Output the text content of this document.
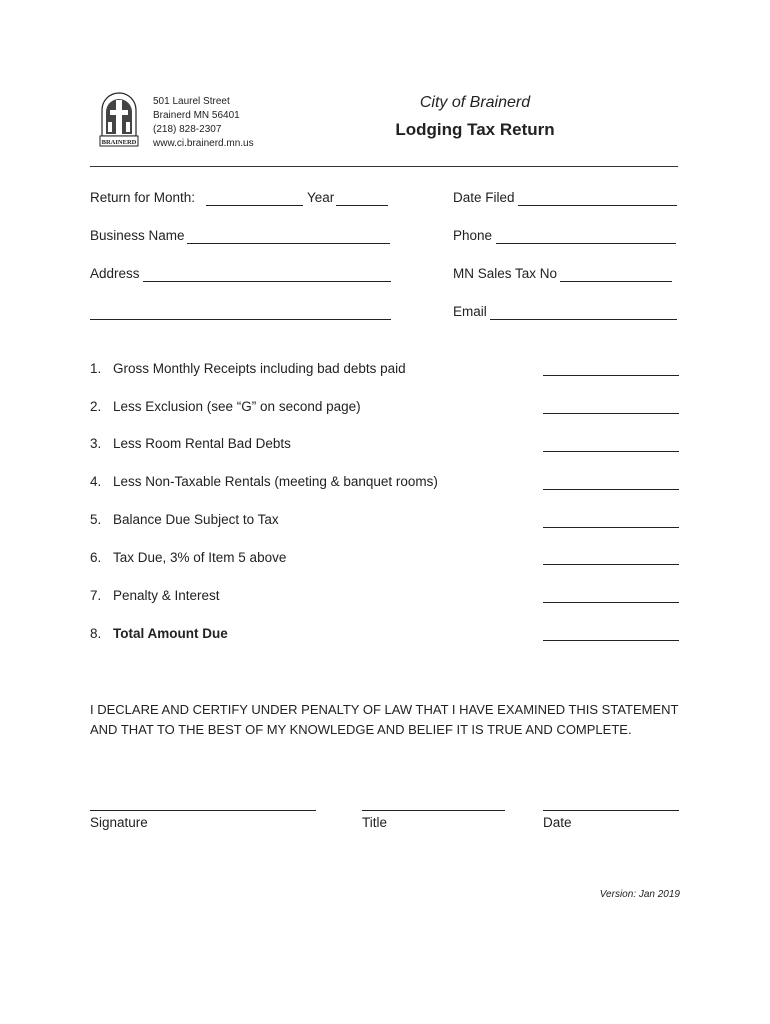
BRAINERD
501 Laurel Street
Brainerd MN 56401
(218) 828-2307
www.ci.brainerd.mn.us
City of Brainerd
Lodging Tax Return
Return for Month:	Year	Date Filed
Business Name	Phone
Address	MN Sales Tax No
Email
1. Gross Monthly Receipts including bad debts paid
2. Less Exclusion (see “G” on second page)
3. Less Room Rental Bad Debts
4. Less Non-Taxable Rentals (meeting & banquet rooms)
5. Balance Due Subject to Tax
6. Tax Due, 3% of Item 5 above
7. Penalty & Interest
8. Total Amount Due
I DECLARE AND CERTIFY UNDER PENALTY OF LAW THAT I HAVE EXAMINED THIS STATEMENT
AND THAT TO THE BEST OF MY KNOWLEDGE AND BELIEF IT IS TRUE AND COMPLETE.
Signature	Title	Date
Version: Jan 2019
